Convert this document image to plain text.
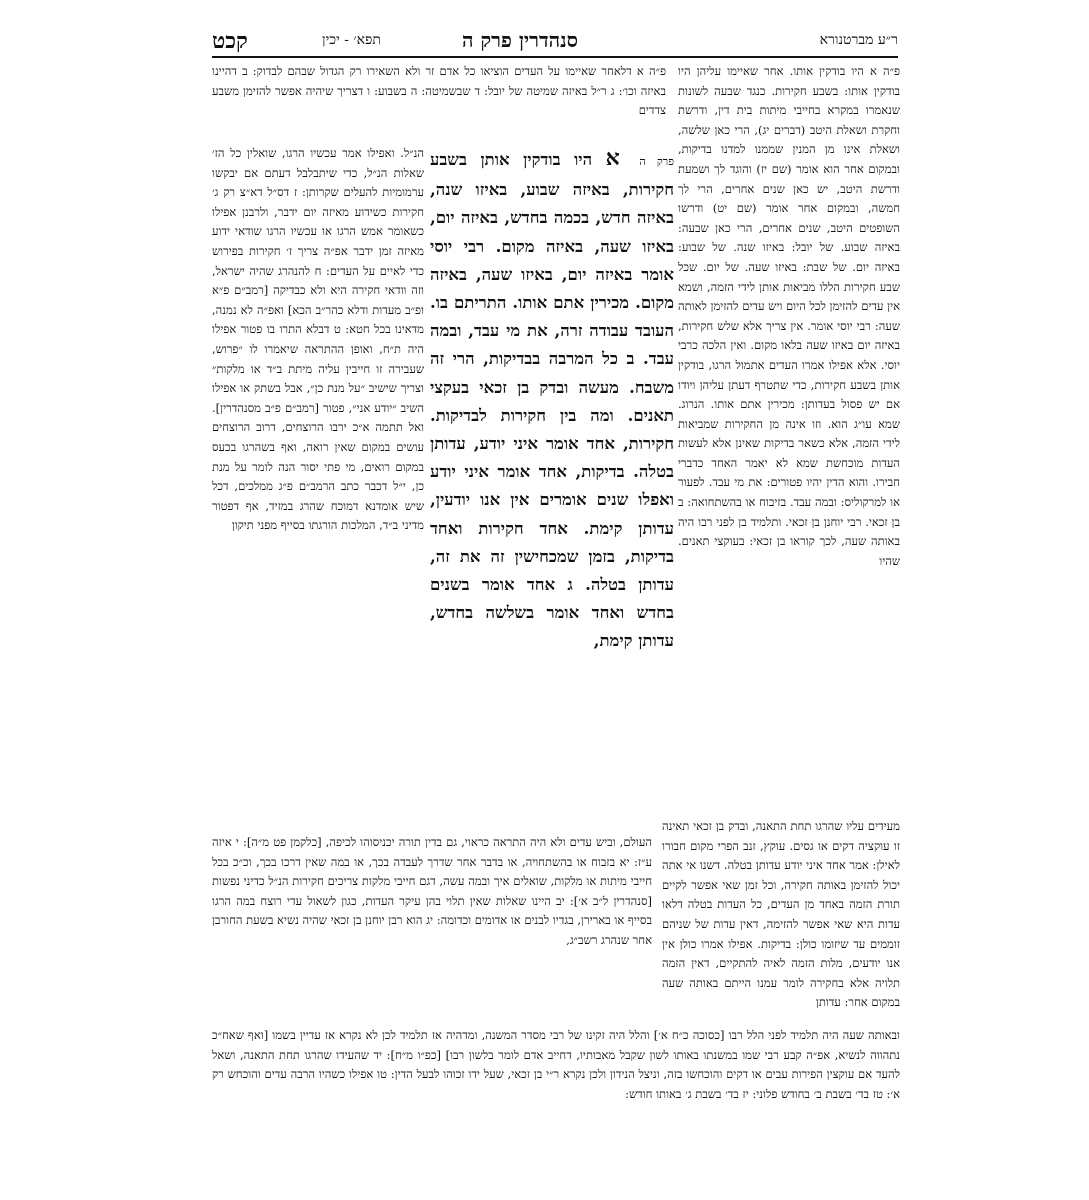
קכט	תפא׳ - יכין	סנהדרין פרק ה	ר״ע מברטנורא

פ״ה א היו בודקין אותו. אחר שאיימו עליהן היו בודקין אותו: בשבע חקירות. כנגד שבעה לשונות שנאמרו במקרא בחייבי מיתות בית דין, ודרשת וחקרת ושאלת היטב (דברים יג), הרי כאן שלשה, ושאלת אינו מן המנין שממנו למדנו בדיקות, ובמקום אחר הוא אומר (שם יז) והוגד לך ושמעת ודרשת היטב, יש כאן שנים אחרים, הרי לך חמשה, ובמקום אחר אומר (שם יט) ודרשו השופטים היטב, שנים אחרים, הרי כאן שבעה: באיזה שבוע. של יובל: באיזו שנה. של שבוע: באיזה יום. של שבת: באיזו שעה. של יום. שכל שבע חקירות הללו מביאות אותן לידי הזמה, ושמא אין עדים להזימן לכל היום ויש עדים להזימן לאותה שעה: רבי יוסי אומר. אין צריך אלא שלש חקירות, באיזה יום באיזו שעה בלאו מקום. ואין הלכה כרבי יוסי. אלא אפילו אמרו העדים אתמול הרגו, בודקין אותן בשבע חקירות, כדי שתטרף דעתן עליהן ויודו אם יש פסול בעדותן: מכירין אתם אותו. הנרוג. שמא עו״ג הוא. וזו אינה מן החקירות שמביאות לידי הזמה, אלא כשאר בדיקות שאינן אלא לעשות העדות מוכחשת שמא לא יאמר האחד כדברי חבירו. והוא הדין יהיו פטורים: את מי עבד. לפעור או למרקוליס: ובמה עבד. בזיבוח או בהשתחואה: ב בן זכאי. רבי יוחנן בן זכאי. ותלמיד בן לפני רבו היה באותה שעה, לכך קוראו בן זכאי: בעוקצי תאנים. שהיו

פ״ה א דלאחר שאיימו על העדים הוציאו כל אדם זר ולא השאירו רק הגדול שבהם לבדוק: ב דהיינו באיזה וכו׳: ג ר״ל באיזה שמיטה של יובל: ד שבשמיטה: ה בשבוע: ו דצריך שיהיה אפשר להזימן משבע צדדים

הנ״ל. ואפילו אמר עכשיו הרגו, שואלין כל הז׳ שאלות הנ״ל, כדי שיתבלבל דעתם אם יבקשו ערמומיות להעלים שקרותן: ז דס״ל דא״צ רק ג׳ חקירות כשידוע מאיזה יום ידבר, ולרבנן אפילו כשאומר אמש הרגו או עכשיו הרגו שודאי ידוע מאיזה זמן ידבר אפ״ה צריך ז׳ חקירות בפירוש כדי לאיים על העדים: ח להנהרג שהיה ישראל, וזה וודאי חקירה היא ולא כבדיקה [רמב״ם פ״א ופ״ב מעדות ודלא כהר״ב הכא] ואפ״ה לא נמנה, מדאינו בכל חטא: ט דבלא התרו בו פטור אפילו היה ת״ח, ואופן ההתראה שיאמרו לו ״פרוש, שעבירה זו חייבין עליה מיתת ב״ד או מלקות״ וצריך שישיב ״על מנת כן״, אבל בשתק או אפילו השיב ״יודע אני״, פטור [רמב״ם פ״ב מסנהדרין]. ואל תתמה א״כ ירבו הרוצחים, דרוב הרוצחים עושים במקום שאין רואה, ואף בשהרגו בכעס במקום רואים, מי פתי יסור הנה לומר על מנת כן, י״ל דכבר כתב הרמב״ם פ״ג ממלכים, דכל שיש אומדנא דמוכח שהרג במזיד, אף דפטור מדיני ב״ד, המלכות הורגתו בסייף מפני תיקון

פרק ה א היו בודקין אותן בשבע חקירות, באיזה שבוע, באיזו שנה, באיזה חדש, בכמה בחדש, באיזה יום, באיזו שעה, באיזה מקום. רבי יוסי אומר באיזה יום, באיזו שעה, באיזה מקום. מכירין אתם אותו. התריתם בו. העובד עבודה זרה, את מי עבד, ובמה עבד. ב כל המרבה בבדיקות, הרי זה משבח. מעשה ובדק בן זכאי בעקצי תאנים. ומה בין חקירות לבדיקות. חקירות, אחד אומר איני יודע, עדותן בטלה. בדיקות, אחד אומר איני יודע ואפלו שנים אומרים אין אנו יודעין, עדותן קימת. אחד חקירות ואחד בדיקות, בזמן שמכחישין זה את זה, עדותן בטלה. ג אחד אומר בשנים בחדש ואחד אומר בשלשה בחדש, עדותן קימת,

מעידים עליו שהרגו תחת התאנה, ובדק בן זכאי תאינה זו עוקציה דקים או גסים. עוקץ, זנב הפרי מקום חבורו לאילן: אמר אחד איני יודע עדותן בטלה. דשנו אי אתה יכול להזימן באותה חקירה, וכל זמן שאי אפשר לקיים תורת הזמה באחד מן העדים, כל העדות בטלה דלאו עדות היא שאי אפשר להזימה, דאין עדות של שניהם זוממים עד שיזומו כולן: בדיקות. אפילו אמרו כולן אין אנו יודעים, מלות הזמה לאיה להתקיים, דאין הזמה תלויה אלא בחקירה לומר עמנו הייתם באותה שעה במקום אחר: עדותן

העולם, וביש עדים ולא היה התראה כראוי, גם בדין תורה יכניסוהו לכיפה, [כלקמן פט מ״ה]: י איזה ע״ז: יא בזבוח או בהשתחויה, או בדבר אחר שדרך לעבדה בכך, או במה שאין דרכו בכך, וכ״כ בכל חייבי מיתות או מלקות, שואלים איך ובמה עשה, דגם חייבי מלקות צריכים חקירות הנ״ל כדיני נפשות [סנהדרין ל״ב א׳]: יב היינו שאלות שאין תלוי בהן עיקר העדות, כגון לשאול עדי רוצח במה הרגו בסייף או בארירן, בגדיו לבנים או אדומים וכדומה: יג הוא רבן יוחנן בן זכאי שהיה נשיא בשעת החורבן אחר שנהרג רשב״ג,

ובאותה שעה היה תלמיד לפני הלל רבו [כסוכה כ״ח א׳] והלל היה זקינו של רבי מסדר המשנה, ומדהיה אז תלמיד לכן לא נקרא אז עדיין בשמו [ואף שאח״כ נתהווה לנשיא, אפ״ה קבע רבי שמו במשנתו באותו לשון שקבל מאבותיו, דחייב אדם לומר בלשון רבו] [כפ״ו מ״ח]: יד שהעידו שהרגו תחת התאנה, ושאל להעד אם עוקצין הפירות עבים או דקים והוכחשו בזה, וניצל הנידון ולכן נקרא ר״י בן זכאי, שעל ידו זכוהו לבעל הדין: טו אפילו כשהיו הרבה עדים והוכחש רק א׳: טז בד׳ בשבת ב׳ בחודש פלוני: יז בד׳ בשבת ג׳ באותו חודש:
